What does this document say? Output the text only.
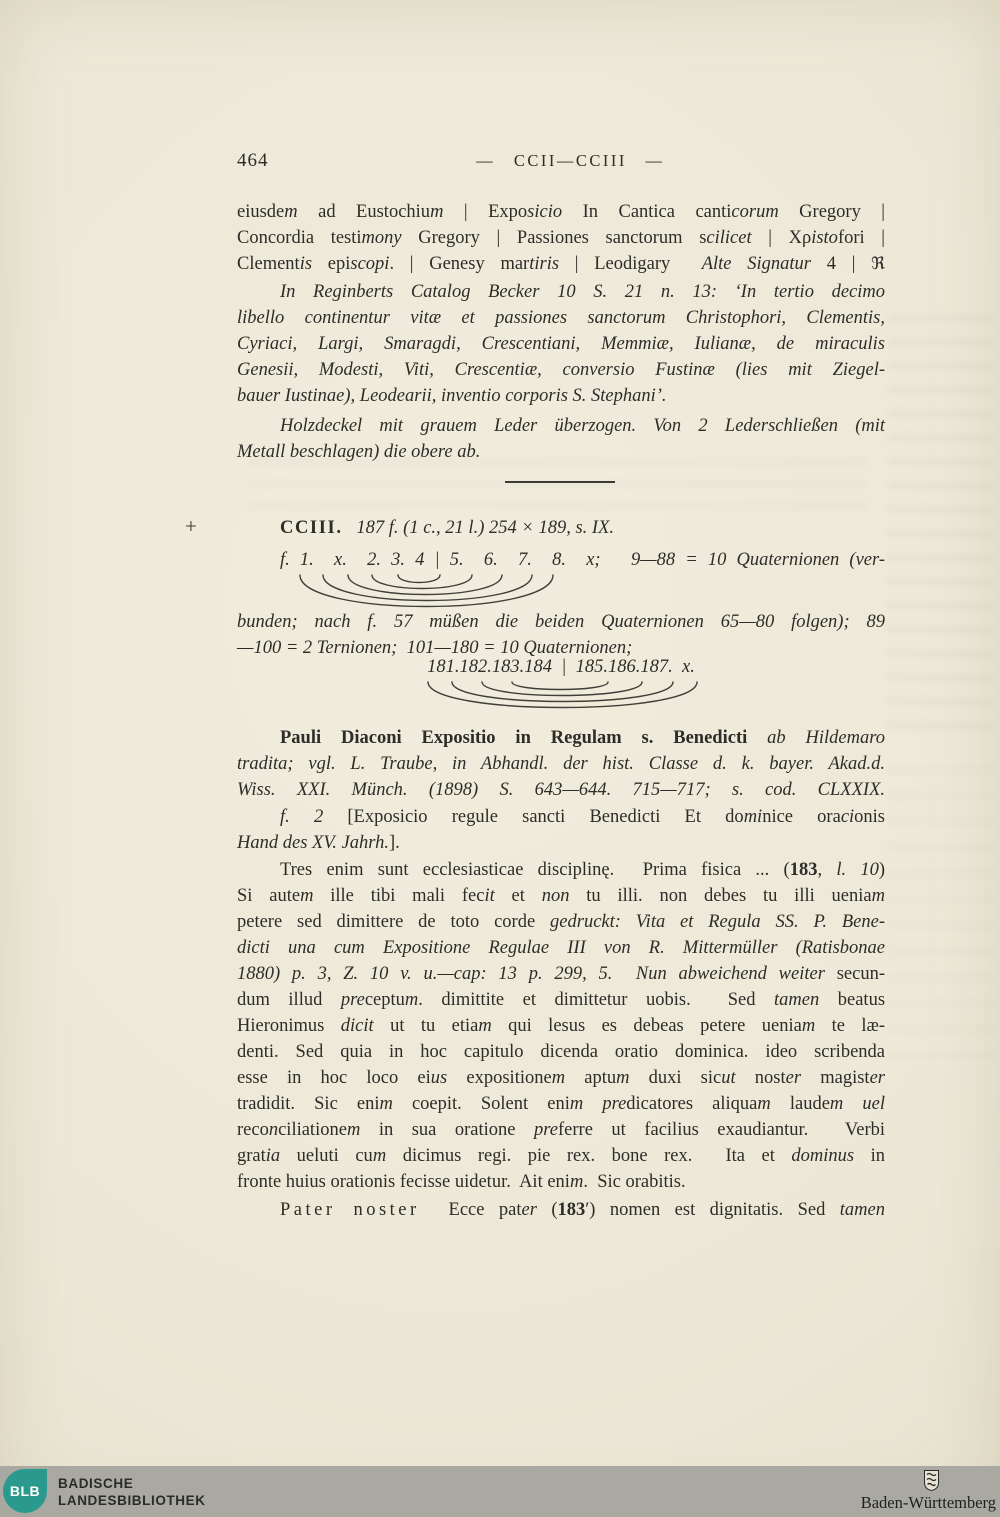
464	— CCII—CCIII —
eiusdem ad Eustochium | Exposicio In Cantica canticorum Gregory |
Concordia testimony Gregory | Passiones sanctorum scilicet | Xρistofori |
Clementis episcopi. | Genesy martiris | Leodigary  Alte Signatur 4 | ℜ
In Reginberts Catalog Becker 10 S. 21 n. 13: ‘In tertio decimo
libello continentur vitæ et passiones sanctorum Christophori, Clementis,
Cyriaci, Largi, Smaragdi, Crescentiani, Memmiæ, Iulianæ, de miraculis
Genesii, Modesti, Viti, Crescentiæ, conversio Fustinæ (lies mit Ziegel-
bauer Iustinae), Leodearii, inventio corporis S. Stephani’.
Holzdeckel mit grauem Leder überzogen. Von 2 Lederschließen (mit
Metall beschlagen) die obere ab.
+	CCIII. 187 f. (1 c., 21 l.) 254 × 189, s. IX.
f. 1.  x.  2. 3. 4 | 5.  6.  7.  8.  x;   9—88 = 10 Quaternionen (ver-
bunden; nach f. 57 müßen die beiden Quaternionen 65—80 folgen); 89
—100 = 2 Ternionen;  101—180 = 10 Quaternionen;
181.182.183.184  |  185.186.187.  x.
Pauli Diaconi Expositio in Regulam s. Benedicti ab Hildemaro
tradita; vgl. L. Traube, in Abhandl. der hist. Classe d. k. bayer. Akad.d.
Wiss. XXI. Münch. (1898) S. 643—644. 715—717; s. cod. CLXXIX.
f. 2 [Exposicio regule sancti Benedicti Et dominice oracionis
Hand des XV. Jahrh.].
Tres enim sunt ecclesiasticae disciplinę.  Prima fisica ... (183, l. 10)
Si autem ille tibi mali fecit et non tu illi. non debes tu illi ueniam
petere sed dimittere de toto corde gedruckt: Vita et Regula SS. P. Bene-
dicti una cum Expositione Regulae III von R. Mittermüller (Ratisbonae
1880) p. 3, Z. 10 v. u.—cap: 13 p. 299, 5.  Nun abweichend weiter secun-
dum illud preceptum. dimittite et dimittetur uobis.  Sed tamen beatus
Hieronimus dicit ut tu etiam qui lesus es debeas petere ueniam te læ-
denti. Sed quia in hoc capitulo dicenda oratio dominica. ideo scribenda
esse in hoc loco eius expositionem aptum duxi sicut noster magister
tradidit. Sic enim coepit. Solent enim predicatores aliquam laudem uel
reconciliationem in sua oratione preferre ut facilius exaudiantur.  Verbi
gratia ueluti cum dicimus regi. pie rex. bone rex.  Ita et dominus in
fronte huius orationis fecisse uidetur.  Ait enim.  Sic orabitis.
Pater noster  Ecce pater (183′) nomen est dignitatis. Sed tamen
BLB	BADISCHE
LANDESBIBLIOTHEK	Baden-Württemberg
